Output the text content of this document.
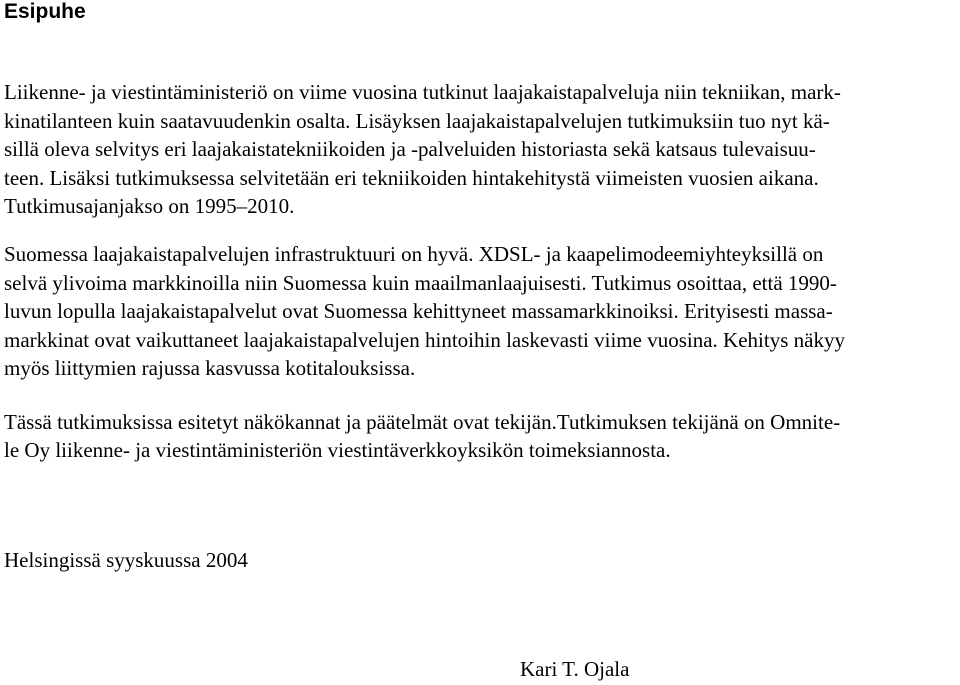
Esipuhe

Liikenne- ja viestintäministeriö on viime vuosina tutkinut laajakaistapalveluja niin tekniikan, mark-

kinatilanteen kuin saatavuudenkin osalta. Lisäyksen laajakaistapalvelujen tutkimuksiin tuo nyt kä-

sillä oleva selvitys eri laajakaistatekniikoiden ja -palveluiden historiasta sekä katsaus tulevaisuu-

teen. Lisäksi tutkimuksessa selvitetään eri tekniikoiden hintakehitystä viimeisten vuosien aikana.

Tutkimusajanjakso on 1995–2010.

Suomessa laajakaistapalvelujen infrastruktuuri on hyvä. XDSL- ja kaapelimodeemiyhteyksillä on

selvä ylivoima markkinoilla niin Suomessa kuin maailmanlaajuisesti. Tutkimus osoittaa, että 1990-

luvun lopulla laajakaistapalvelut ovat Suomessa kehittyneet massamarkkinoiksi. Erityisesti massa-

markkinat ovat vaikuttaneet laajakaistapalvelujen hintoihin laskevasti viime vuosina. Kehitys näkyy

myös liittymien rajussa kasvussa kotitalouksissa.

Tässä tutkimuksissa esitetyt näkökannat ja päätelmät ovat tekijän.Tutkimuksen tekijänä on Omnite-

le Oy liikenne- ja viestintäministeriön viestintäverkkoyksikön toimeksiannosta.

Helsingissä syyskuussa 2004

Kari T. Ojala
